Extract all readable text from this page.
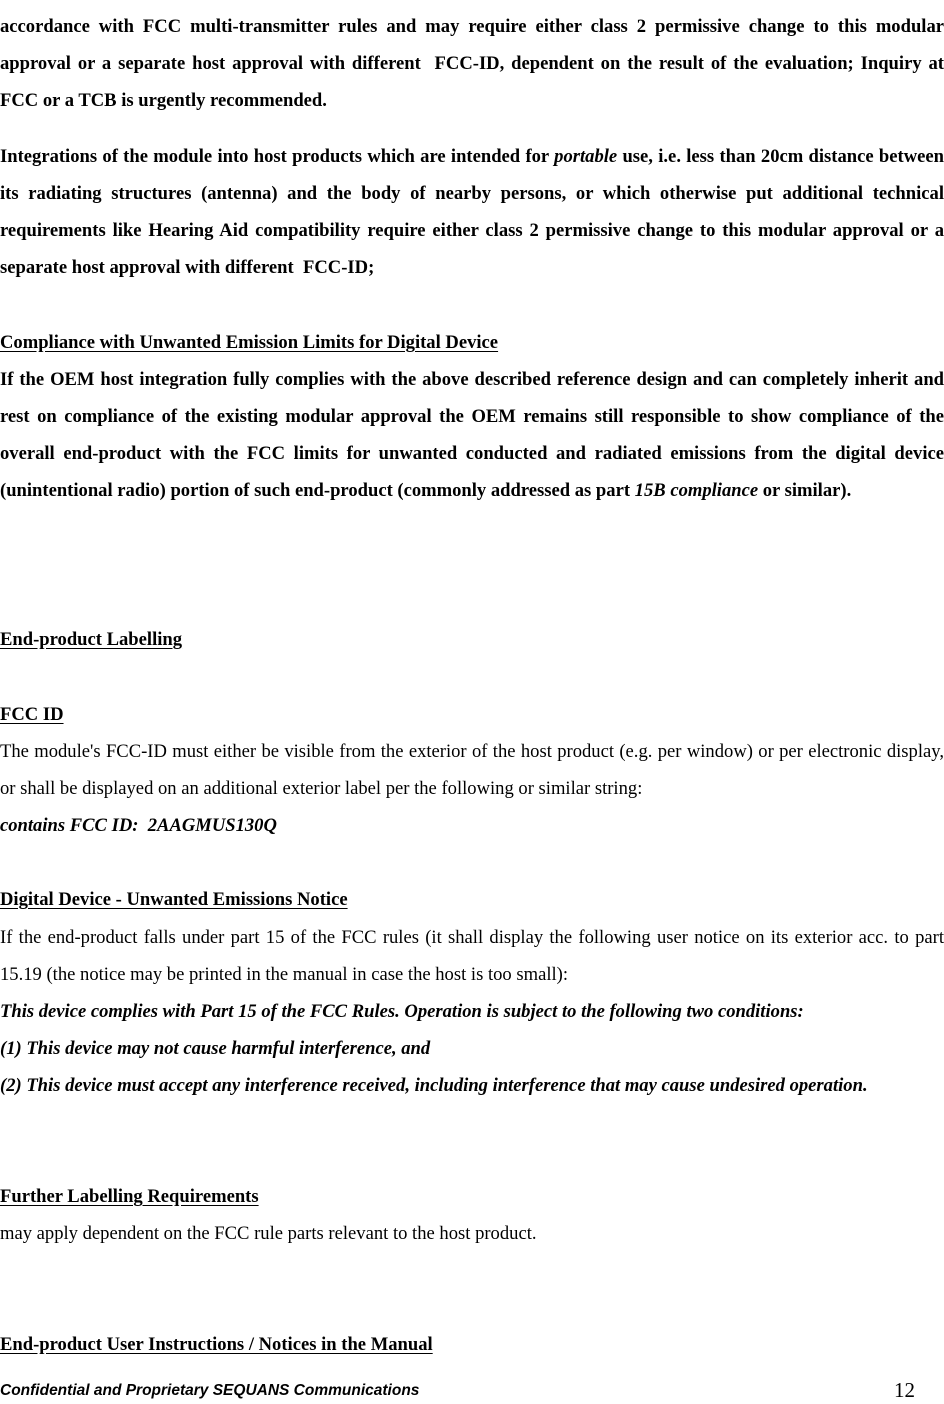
accordance with FCC multi-transmitter rules and may require either class 2 permissive change to this modular approval or a separate host approval with different  FCC-ID, dependent on the result of the evaluation; Inquiry at FCC or a TCB is urgently recommended.
Integrations of the module into host products which are intended for portable use, i.e. less than 20cm distance between its radiating structures (antenna) and the body of nearby persons, or which otherwise put additional technical requirements like Hearing Aid compatibility require either class 2 permissive change to this modular approval or a separate host approval with different  FCC-ID;
Compliance with Unwanted Emission Limits for Digital Device
If the OEM host integration fully complies with the above described reference design and can completely inherit and rest on compliance of the existing modular approval the OEM remains still responsible to show compliance of the overall end-product with the FCC limits for unwanted conducted and radiated emissions from the digital device (unintentional radio) portion of such end-product (commonly addressed as part 15B compliance or similar).
End-product Labelling
FCC ID
The module's FCC-ID must either be visible from the exterior of the host product (e.g. per window) or per electronic display, or shall be displayed on an additional exterior label per the following or similar string:
contains FCC ID:  2AAGMUS130Q
Digital Device - Unwanted Emissions Notice
If the end-product falls under part 15 of the FCC rules (it shall display the following user notice on its exterior acc. to part 15.19 (the notice may be printed in the manual in case the host is too small):
This device complies with Part 15 of the FCC Rules. Operation is subject to the following two conditions:
(1) This device may not cause harmful interference, and
(2) This device must accept any interference received, including interference that may cause undesired operation.
Further Labelling Requirements
may apply dependent on the FCC rule parts relevant to the host product.
End-product User Instructions / Notices in the Manual
Confidential and Proprietary SEQUANS Communications	12
